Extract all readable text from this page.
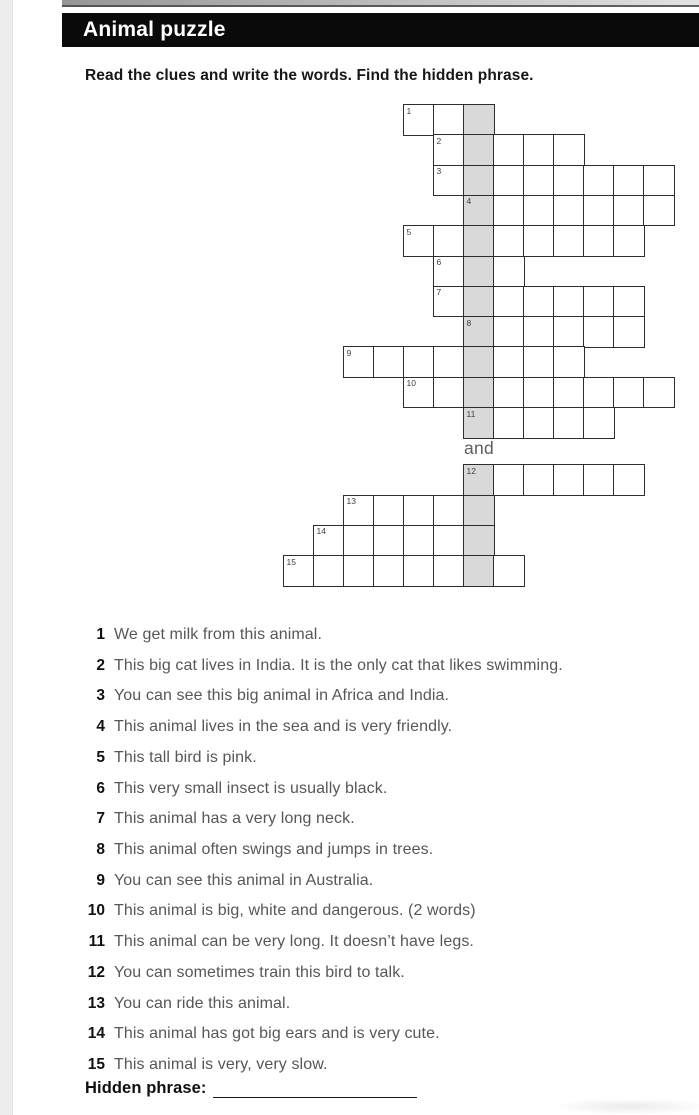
Animal puzzle
Read the clues and write the words. Find the hidden phrase.
1
2
3
4
5
6
7
8
9
10
11
12
13
14
15
and
1 We get milk from this animal.
2 This big cat lives in India. It is the only cat that likes swimming.
3 You can see this big animal in Africa and India.
4 This animal lives in the sea and is very friendly.
5 This tall bird is pink.
6 This very small insect is usually black.
7 This animal has a very long neck.
8 This animal often swings and jumps in trees.
9 You can see this animal in Australia.
10 This animal is big, white and dangerous. (2 words)
11 This animal can be very long. It doesn’t have legs.
12 You can sometimes train this bird to talk.
13 You can ride this animal.
14 This animal has got big ears and is very cute.
15 This animal is very, very slow.
Hidden phrase:
